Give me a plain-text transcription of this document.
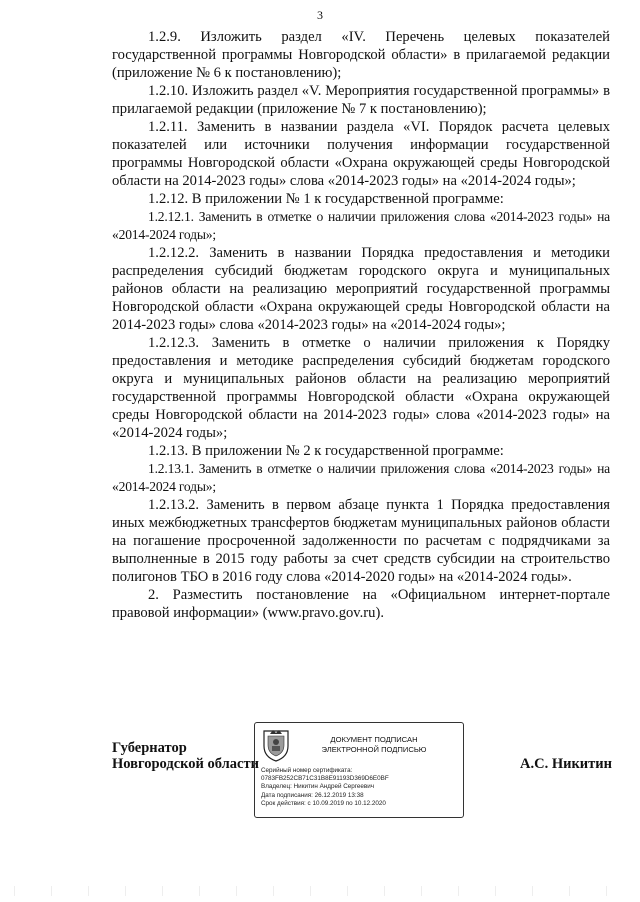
3

1.2.9. Изложить раздел «IV. Перечень целевых показателей государственной программы Новгородской области» в прилагаемой редакции (приложение № 6 к постановлению);

1.2.10. Изложить раздел «V. Мероприятия государственной программы» в прилагаемой редакции (приложение № 7 к постановлению);

1.2.11. Заменить в названии раздела «VI. Порядок расчета целевых показателей или источники получения информации государственной программы Новгородской области «Охрана окружающей среды Новгородской области на 2014-2023 годы» слова «2014-2023 годы» на «2014-2024 годы»;

1.2.12. В приложении № 1 к государственной программе:

1.2.12.1. Заменить в отметке о наличии приложения слова «2014-2023 годы» на «2014-2024 годы»;

1.2.12.2. Заменить в названии Порядка предоставления и методики распределения субсидий бюджетам городского округа и муниципальных районов области на реализацию мероприятий государственной программы Новгородской области «Охрана окружающей среды Новгородской области на 2014-2023 годы» слова «2014-2023 годы» на «2014-2024 годы»;

1.2.12.3. Заменить в отметке о наличии приложения к Порядку предоставления и методике распределения субсидий бюджетам городского округа и муниципальных районов области на реализацию мероприятий государственной программы Новгородской области «Охрана окружающей среды Новгородской области на 2014-2023 годы» слова «2014-2023 годы» на «2014-2024 годы»;

1.2.13. В приложении № 2 к государственной программе:

1.2.13.1. Заменить в отметке о наличии приложения слова «2014-2023 годы» на «2014-2024 годы»;

1.2.13.2. Заменить в первом абзаце пункта 1 Порядка предоставления иных межбюджетных трансфертов бюджетам муниципальных районов области на погашение просроченной задолженности по расчетам с подрядчиками за выполненные в 2015 году работы за счет средств субсидии на строительство полигонов ТБО в 2016 году слова «2014-2020 годы» на «2014-2024 годы».

2. Разместить постановление на «Официальном интернет-портале правовой информации» (www.pravo.gov.ru).

Губернатор
Новгородской области
ДОКУМЕНТ ПОДПИСАН
ЭЛЕКТРОННОЙ ПОДПИСЬЮ
Серийный номер сертификата:
0783FB252CB71C31B8E91193D369D6E0BF
Владелец: Никитин Андрей Сергеевич
Дата подписания: 26.12.2019 13:38
Срок действия: с 10.09.2019 по 10.12.2020
А.С. Никитин
